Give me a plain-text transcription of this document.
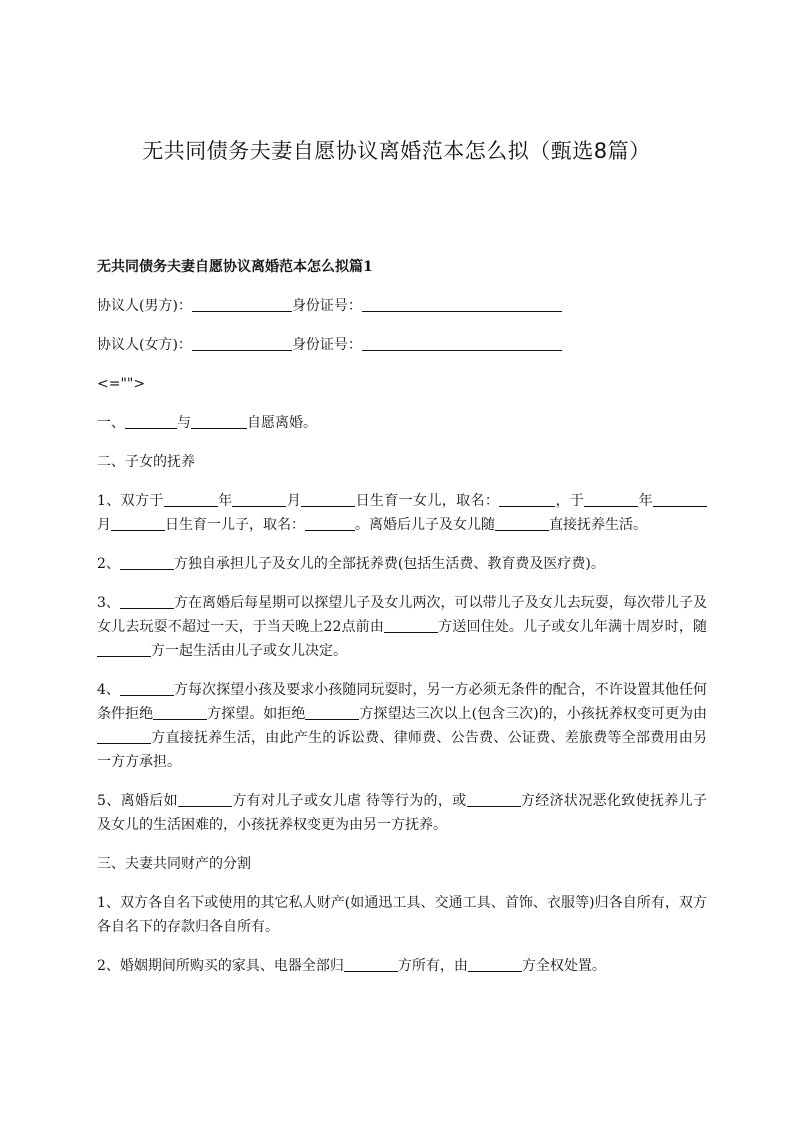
无共同债务夫妻自愿协议离婚范本怎么拟（甄选8篇）
无共同债务夫妻自愿协议离婚范本怎么拟篇1
协议人(男方)：	身份证号：
协议人(女方)：	身份证号：
<="">
一、	与	自愿离婚。
二、子女的抚养
1、双方于	年	月	日生育一女儿，取名：	，于	年月	日生育一儿子，取名：	。离婚后儿子及女儿随	直接抚养生活。
2、	方独自承担儿子及女儿的全部抚养费(包括生活费、教育费及医疗费)。
3、	方在离婚后每星期可以探望儿子及女儿两次，可以带儿子及女儿去玩耍，每次带儿子及女儿去玩耍不超过一天，于当天晚上22点前由	方送回住处。儿子或女儿年满十周岁时，随方一起生活由儿子或女儿决定。
4、	方每次探望小孩及要求小孩随同玩耍时，另一方必须无条件的配合，不许设置其他任何条件拒绝	方探望。如拒绝	方探望达三次以上(包含三次)的，小孩抚养权变可更为由方直接抚养生活，由此产生的诉讼费、律师费、公告费、公证费、差旅费等全部费用由另一方方承担。
5、离婚后如	方有对儿子或女儿虐 待等行为的，或	方经济状况恶化致使抚养儿子及女儿的生活困难的，小孩抚养权变更为由另一方抚养。
三、夫妻共同财产的分割
1、双方各自名下或使用的其它私人财产(如通迅工具、交通工具、首饰、衣服等)归各自所有，双方各自名下的存款归各自所有。
2、婚姻期间所购买的家具、电器全部归	方所有，由	方全权处置。
